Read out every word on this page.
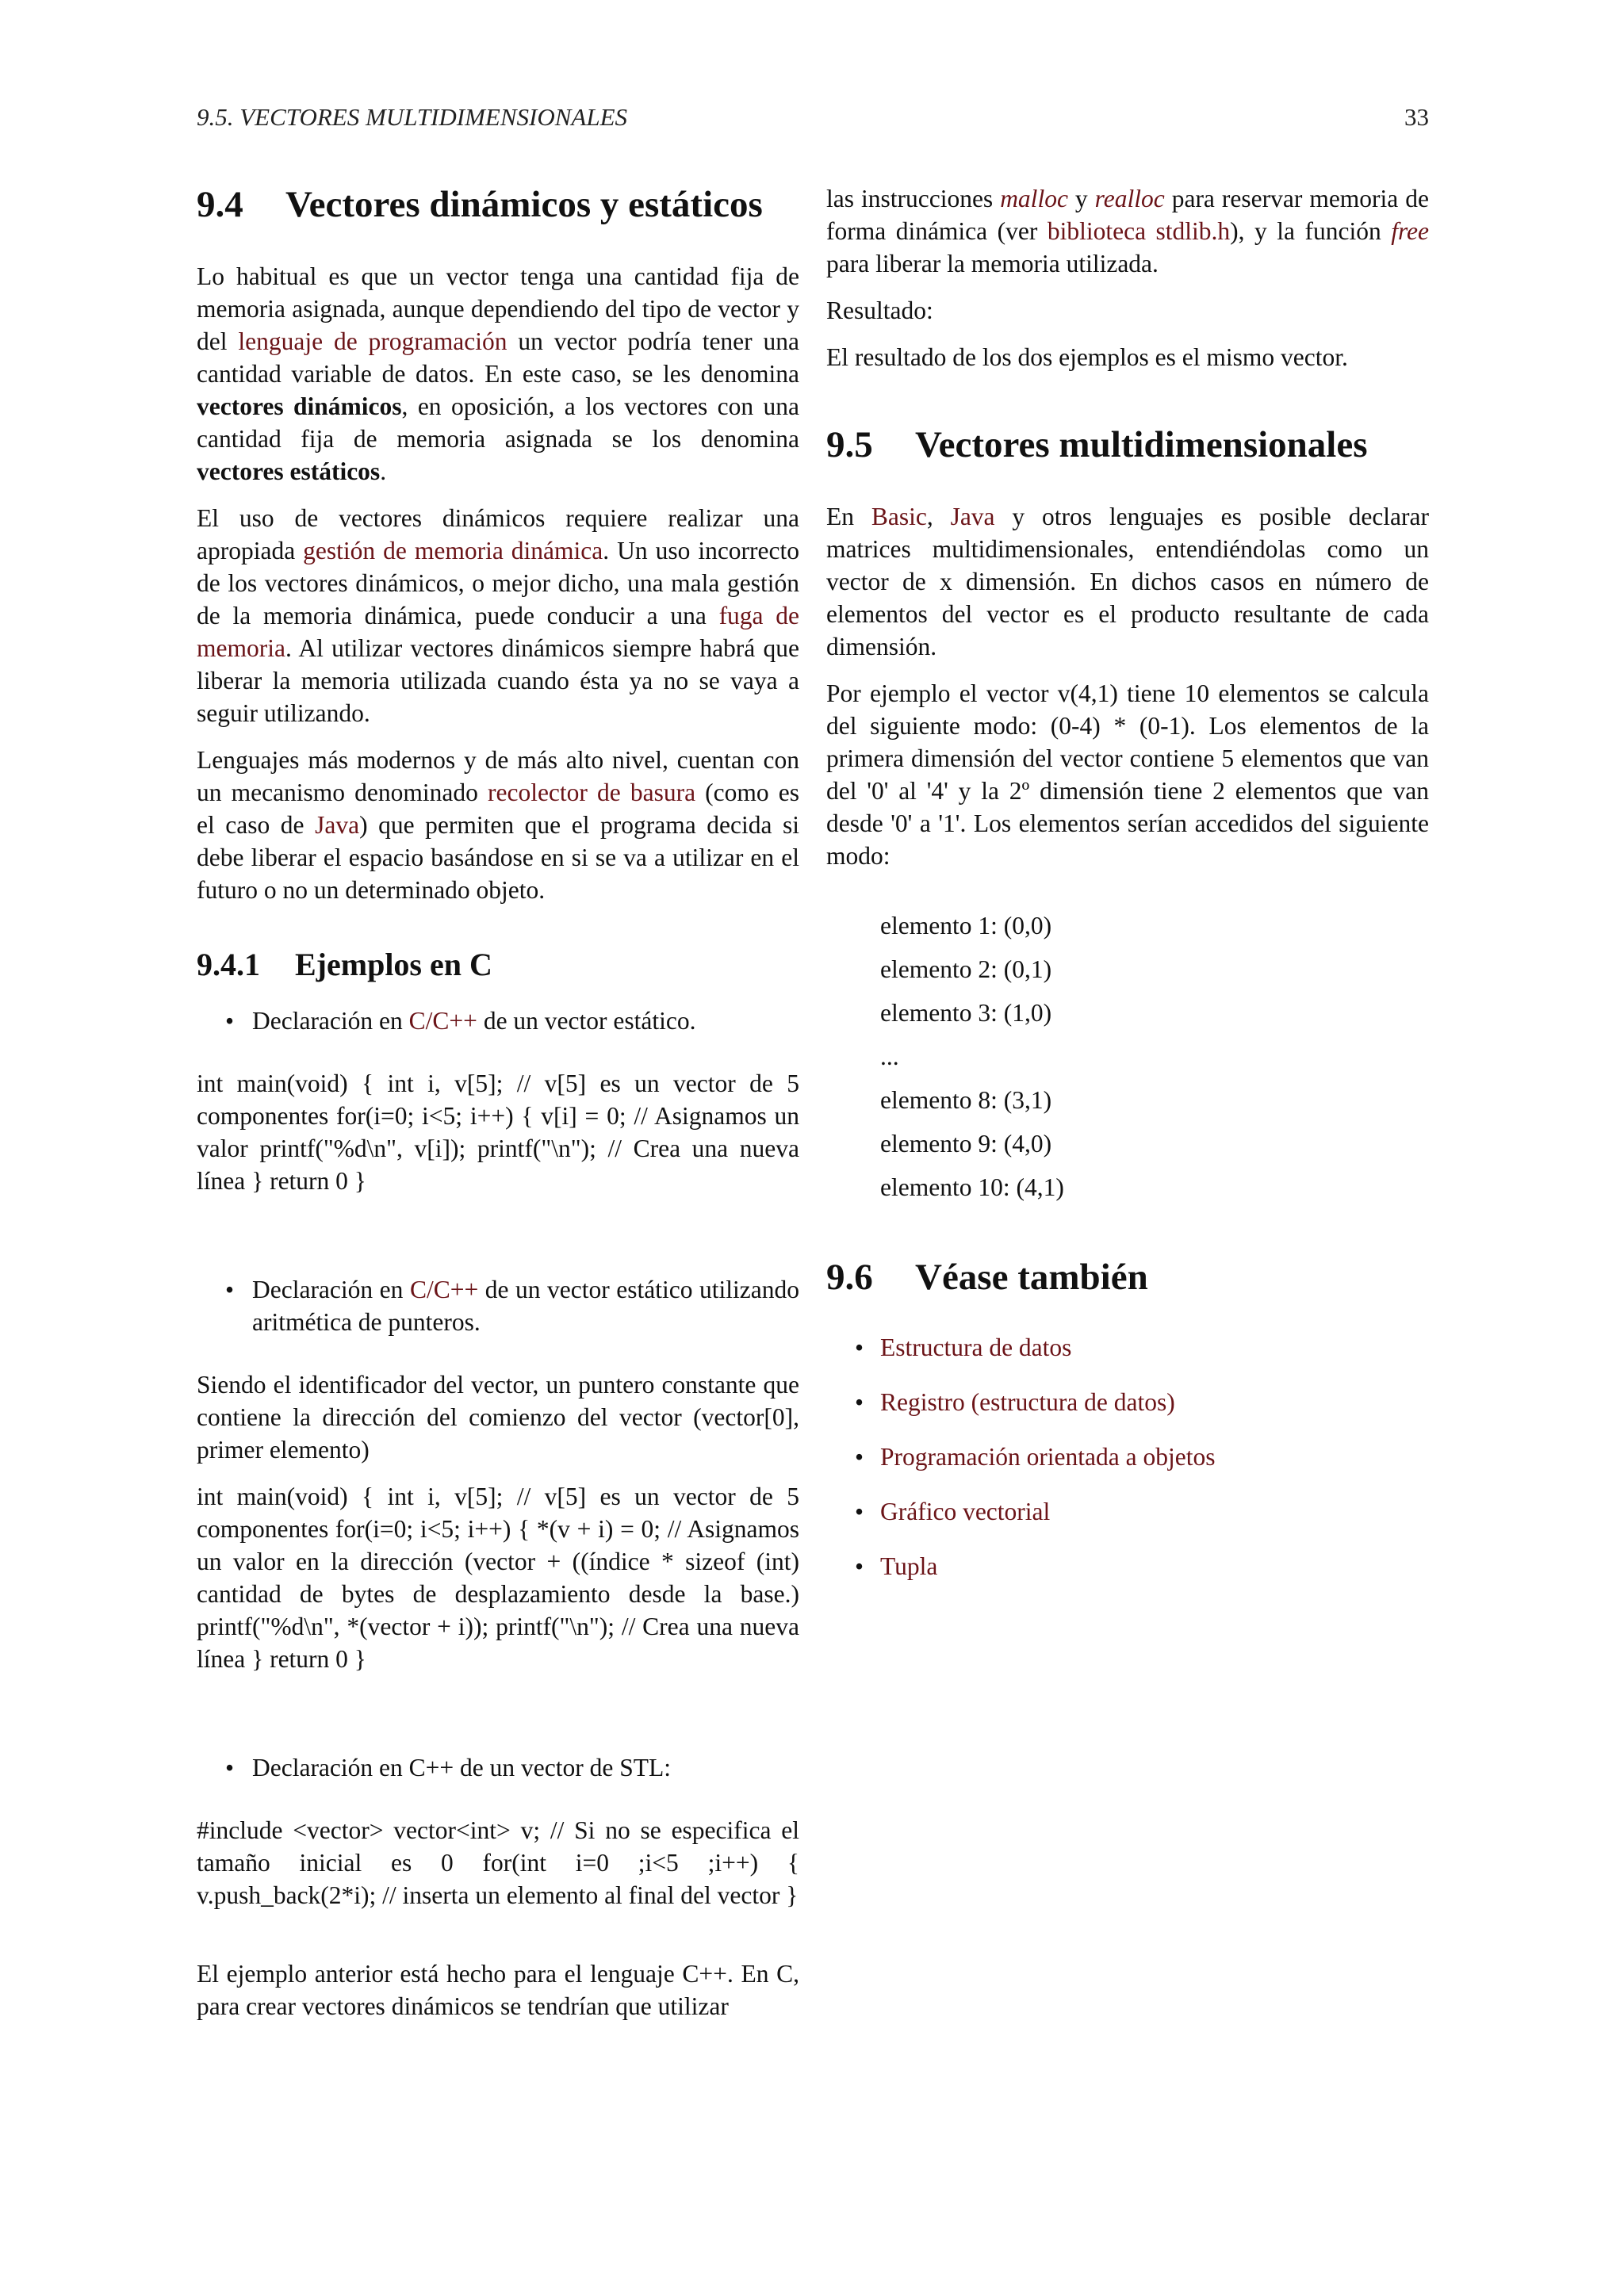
9.5. VECTORES MULTIDIMENSIONALES	33
9.4 Vectores dinámicos y estáticos

Lo habitual es que un vector tenga una cantidad fija de memoria asignada, aunque dependiendo del tipo de vector y del lenguaje de programación un vector podría tener una cantidad variable de datos. En este caso, se les denomina vectores dinámicos, en oposición, a los vectores con una cantidad fija de memoria asignada se los denomina vectores estáticos.

El uso de vectores dinámicos requiere realizar una apropiada gestión de memoria dinámica. Un uso incorrecto de los vectores dinámicos, o mejor dicho, una mala gestión de la memoria dinámica, puede conducir a una fuga de memoria. Al utilizar vectores dinámicos siempre habrá que liberar la memoria utilizada cuando ésta ya no se vaya a seguir utilizando.

Lenguajes más modernos y de más alto nivel, cuentan con un mecanismo denominado recolector de basura (como es el caso de Java) que permiten que el programa decida si debe liberar el espacio basándose en si se va a utilizar en el futuro o no un determinado objeto.

9.4.1 Ejemplos en C
• Declaración en C/C++ de un vector estático.

int main(void) { int i, v[5]; // v[5] es un vector de 5 componentes for(i=0; i<5; i++) { v[i] = 0; // Asignamos un valor printf("%d\n", v[i]); printf("\n"); // Crea una nueva línea } return 0 }

• Declaración en C/C++ de un vector estático utilizando aritmética de punteros.

Siendo el identificador del vector, un puntero constante que contiene la dirección del comienzo del vector (vector[0], primer elemento)

int main(void) { int i, v[5]; // v[5] es un vector de 5 componentes for(i=0; i<5; i++) { *(v + i) = 0; // Asignamos un valor en la dirección (vector + ((índice * sizeof (int) cantidad de bytes de desplazamiento desde la base.) printf("%d\n", *(vector + i)); printf("\n"); // Crea una nueva línea } return 0 }

• Declaración en C++ de un vector de STL:

#include <vector> vector<int> v; // Si no se especifica el tamaño inicial es 0 for(int i=0 ;i<5 ;i++) { v.push_back(2*i); // inserta un elemento al final del vector }

El ejemplo anterior está hecho para el lenguaje C++. En C, para crear vectores dinámicos se tendrían que utilizar

las instrucciones malloc y realloc para reservar memoria de forma dinámica (ver biblioteca stdlib.h), y la función free para liberar la memoria utilizada.

Resultado:

El resultado de los dos ejemplos es el mismo vector.

9.5 Vectores multidimensionales

En Basic, Java y otros lenguajes es posible declarar matrices multidimensionales, entendiéndolas como un vector de x dimensión. En dichos casos en número de elementos del vector es el producto resultante de cada dimensión.

Por ejemplo el vector v(4,1) tiene 10 elementos se calcula del siguiente modo: (0-4) * (0-1). Los elementos de la primera dimensión del vector contiene 5 elementos que van del '0' al '4' y la 2º dimensión tiene 2 elementos que van desde '0' a '1'. Los elementos serían accedidos del siguiente modo:

elemento 1: (0,0)
elemento 2: (0,1)
elemento 3: (1,0)
...
elemento 8: (3,1)
elemento 9: (4,0)
elemento 10: (4,1)
9.6 Véase también
• Estructura de datos
• Registro (estructura de datos)
• Programación orientada a objetos
• Gráfico vectorial
• Tupla
